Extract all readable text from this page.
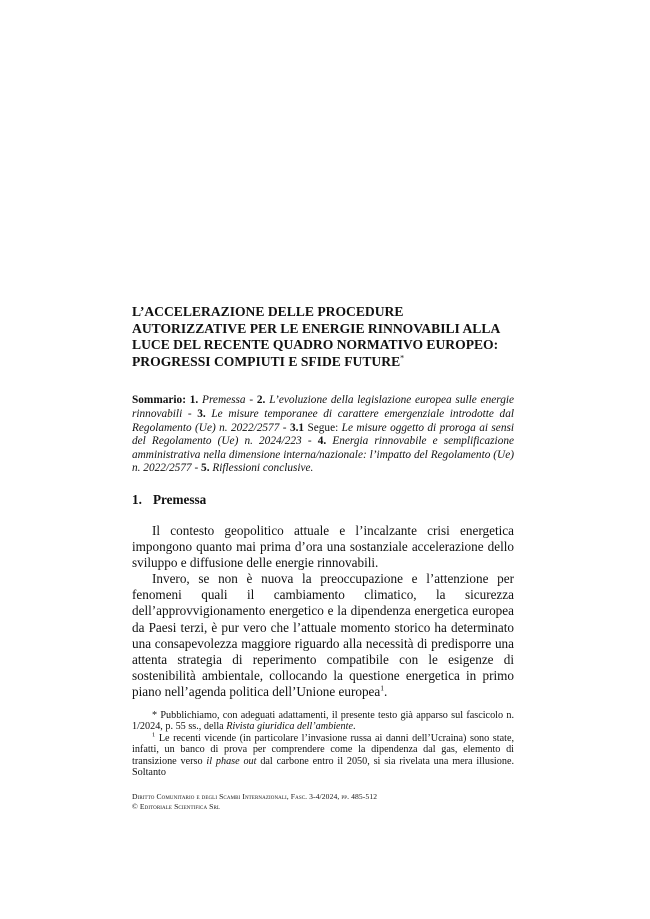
L’ACCELERAZIONE DELLE PROCEDURE AUTORIZZATIVE PER LE ENERGIE RINNOVABILI ALLA LUCE DEL RECENTE QUADRO NORMATIVO EUROPEO: PROGRESSI COMPIUTI E SFIDE FUTURE*

Sommario: 1. Premessa - 2. L’evoluzione della legislazione europea sulle energie rinnovabili - 3. Le misure temporanee di carattere emergenziale introdotte dal Regolamento (Ue) n. 2022/2577 - 3.1 Segue: Le misure oggetto di proroga ai sensi del Regolamento (Ue) n. 2024/223 - 4. Energia rinnovabile e semplificazione amministrativa nella dimensione interna/nazionale: l’impatto del Regolamento (Ue) n. 2022/2577 - 5. Riflessioni conclusive.

1. Premessa

Il contesto geopolitico attuale e l’incalzante crisi energetica impongono quanto mai prima d’ora una sostanziale accelerazione dello sviluppo e diffusione delle energie rinnovabili.

Invero, se non è nuova la preoccupazione e l’attenzione per fenomeni quali il cambiamento climatico, la sicurezza dell’approvvigionamento energetico e la dipendenza energetica europea da Paesi terzi, è pur vero che l’attuale momento storico ha determinato una consapevolezza maggiore riguardo alla necessità di predisporre una attenta strategia di reperimento compatibile con le esigenze di sostenibilità ambientale, collocando la questione energetica in primo piano nell’agenda politica dell’Unione europea$^1$.

* Pubblichiamo, con adeguati adattamenti, il presente testo già apparso sul fascicolo n. 1/2024, p. 55 ss., della Rivista giuridica dell’ambiente.

$^1$ Le recenti vicende (in particolare l’invasione russa ai danni dell’Ucraina) sono state, infatti, un banco di prova per comprendere come la dipendenza dal gas, elemento di transizione verso il phase out dal carbone entro il 2050, si sia rivelata una mera illusione. Soltanto

Diritto Comunitario e degli Scambi Internazionali, Fasc. 3-4/2024, pp. 485-512
© Editoriale Scientifica Srl
